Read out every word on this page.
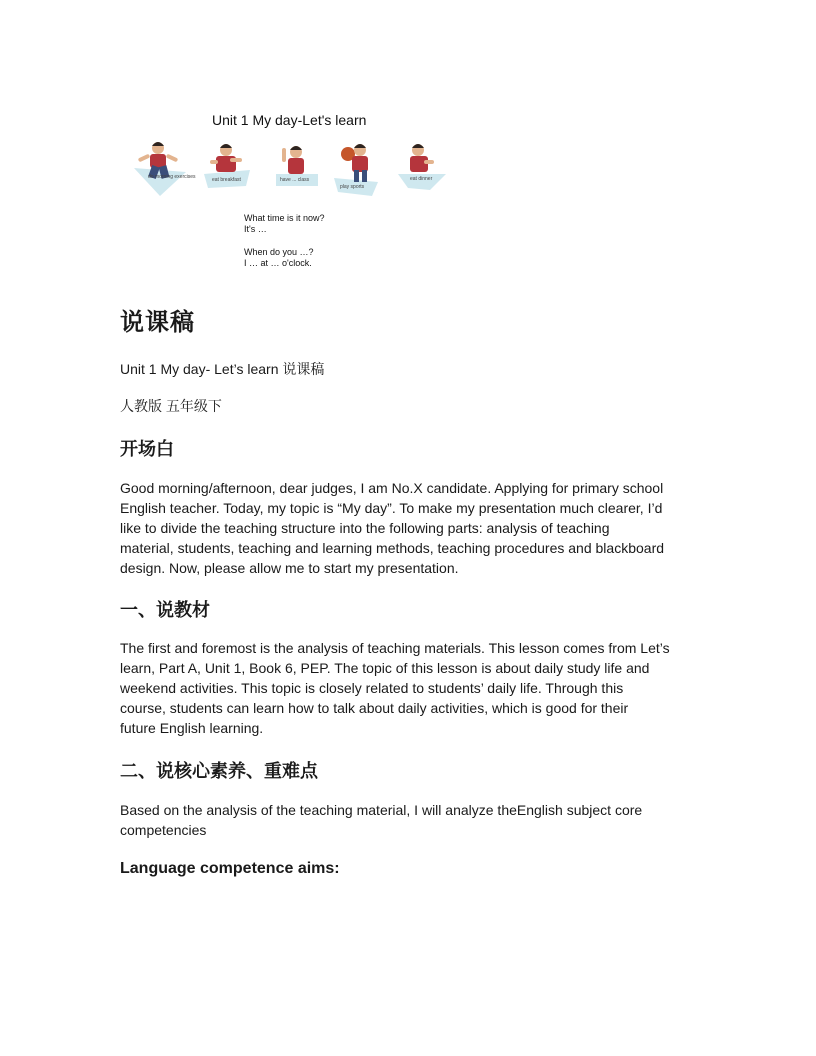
Unit 1 My day-Let's learn
do morning exercises	eat breakfast	have ... class
play sports
eat dinner
What time is it now?
It's …
When do you …?
I … at … o'clock.
说课稿
Unit 1 My day- Let’s learn 说课稿
人教版 五年级下
开场白
Good morning/afternoon, dear judges, I am No.X candidate. Applying for primary school
English teacher. Today, my topic is “My day”. To make my presentation much clearer, I’d
like to divide the teaching structure into the following parts: analysis of teaching
material, students, teaching and learning methods, teaching procedures and blackboard
design. Now, please allow me to start my presentation.
一、说教材
The first and foremost is the analysis of teaching materials. This lesson comes from Let’s
learn, Part A, Unit 1, Book 6, PEP. The topic of this lesson is about daily study life and
weekend activities. This topic is closely related to students’ daily life. Through this
course, students can learn how to talk about daily activities, which is good for their
future English learning.
二、说核心素养、重难点
Based on the analysis of the teaching material, I will analyze theEnglish subject core
competencies
Language competence aims:
